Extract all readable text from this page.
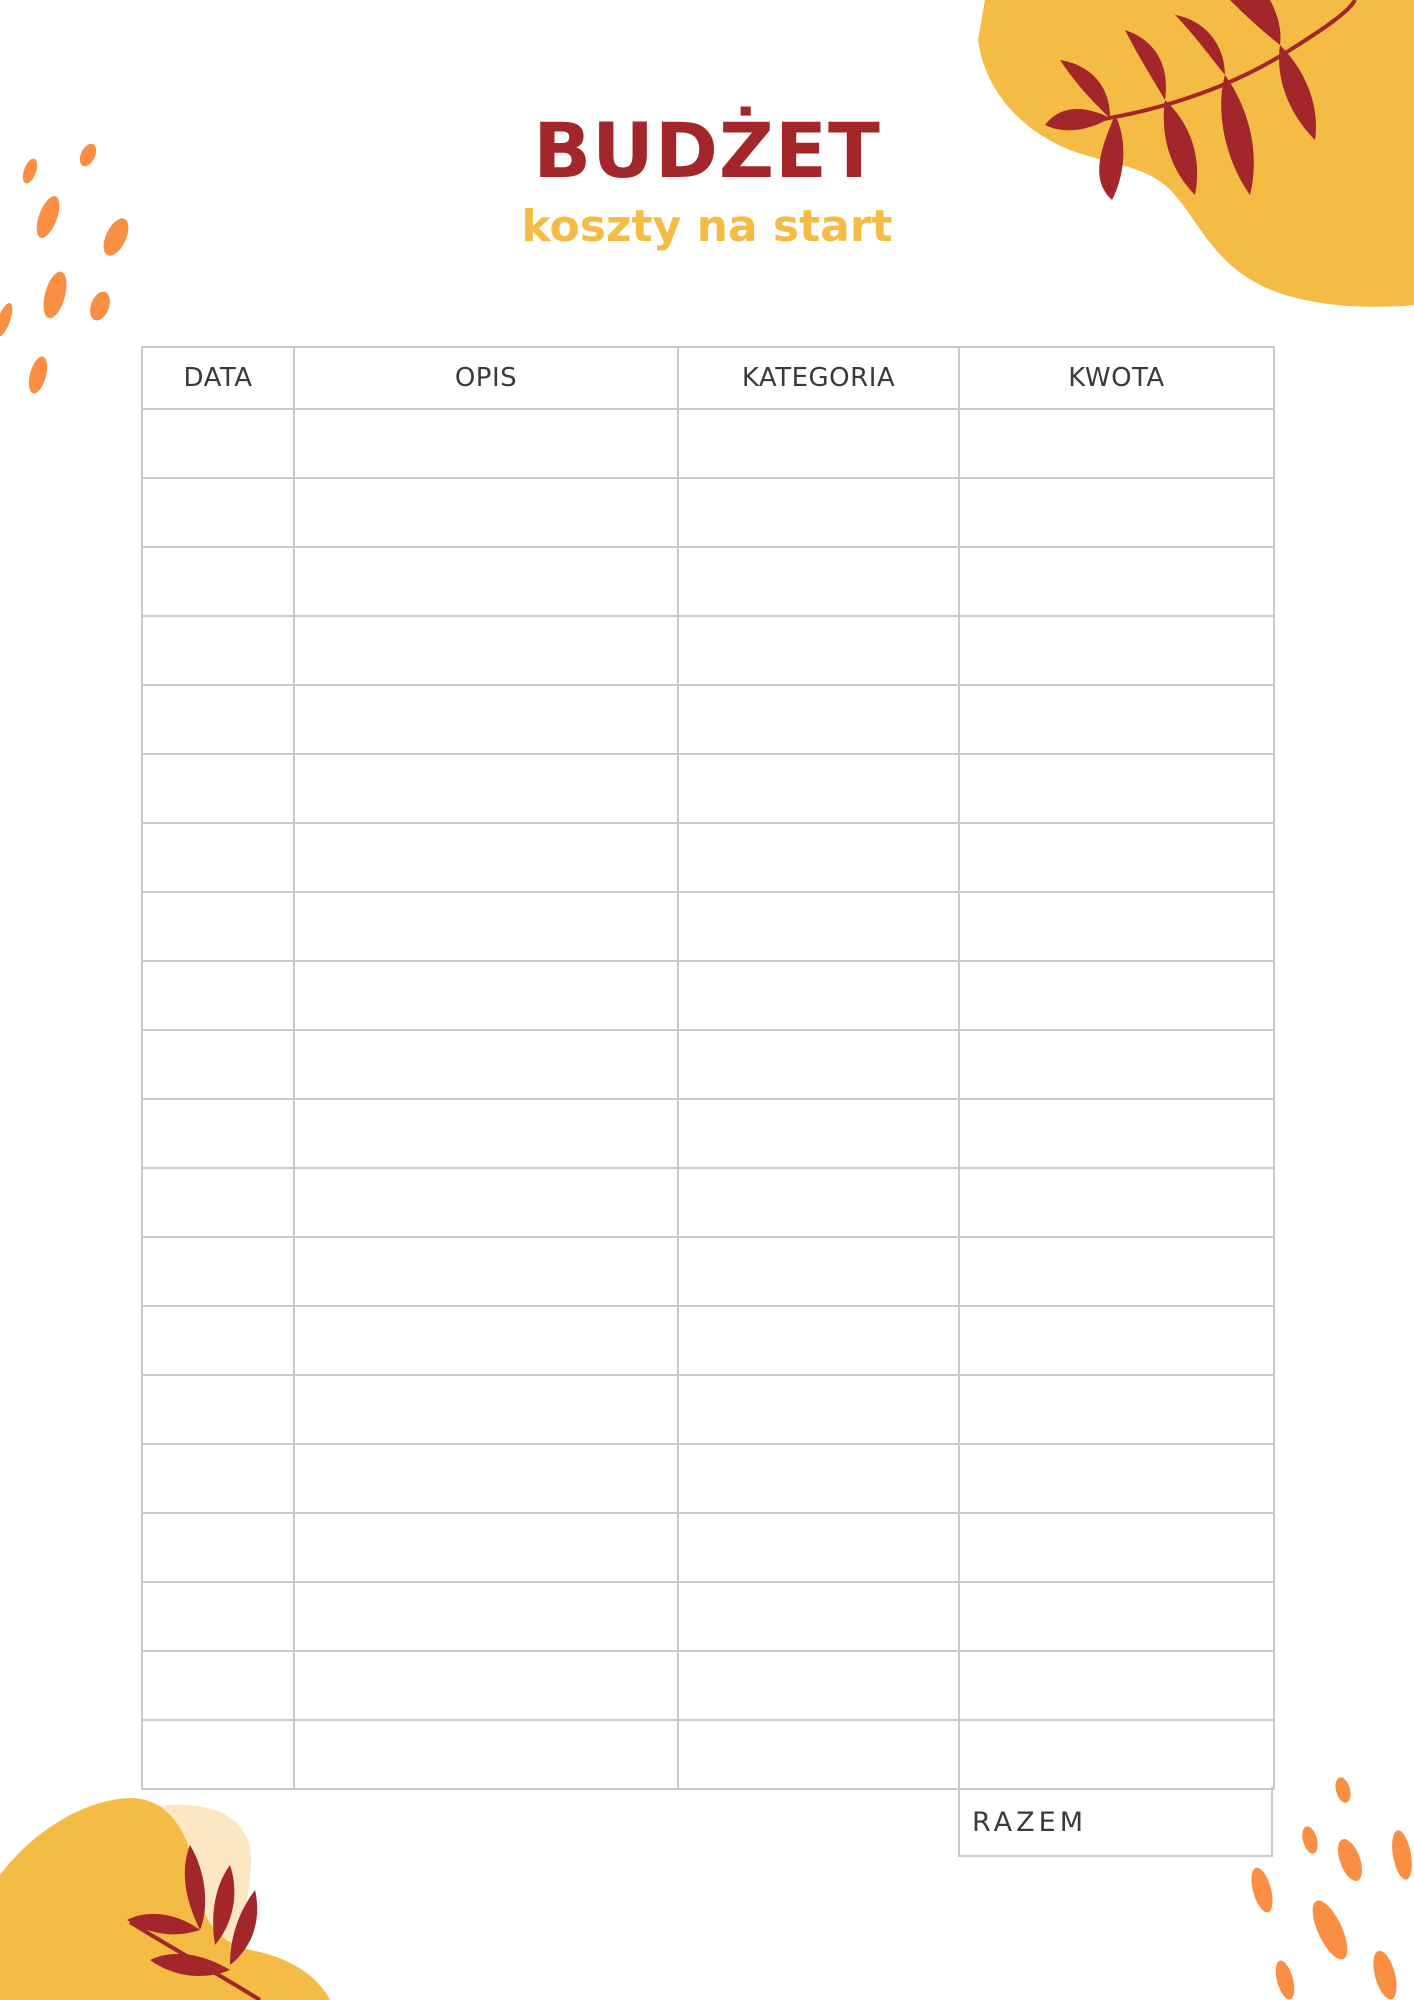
BUDŻET
koszty na start
DATA	OPIS	KATEGORIA	KWOTA

RAZEM
